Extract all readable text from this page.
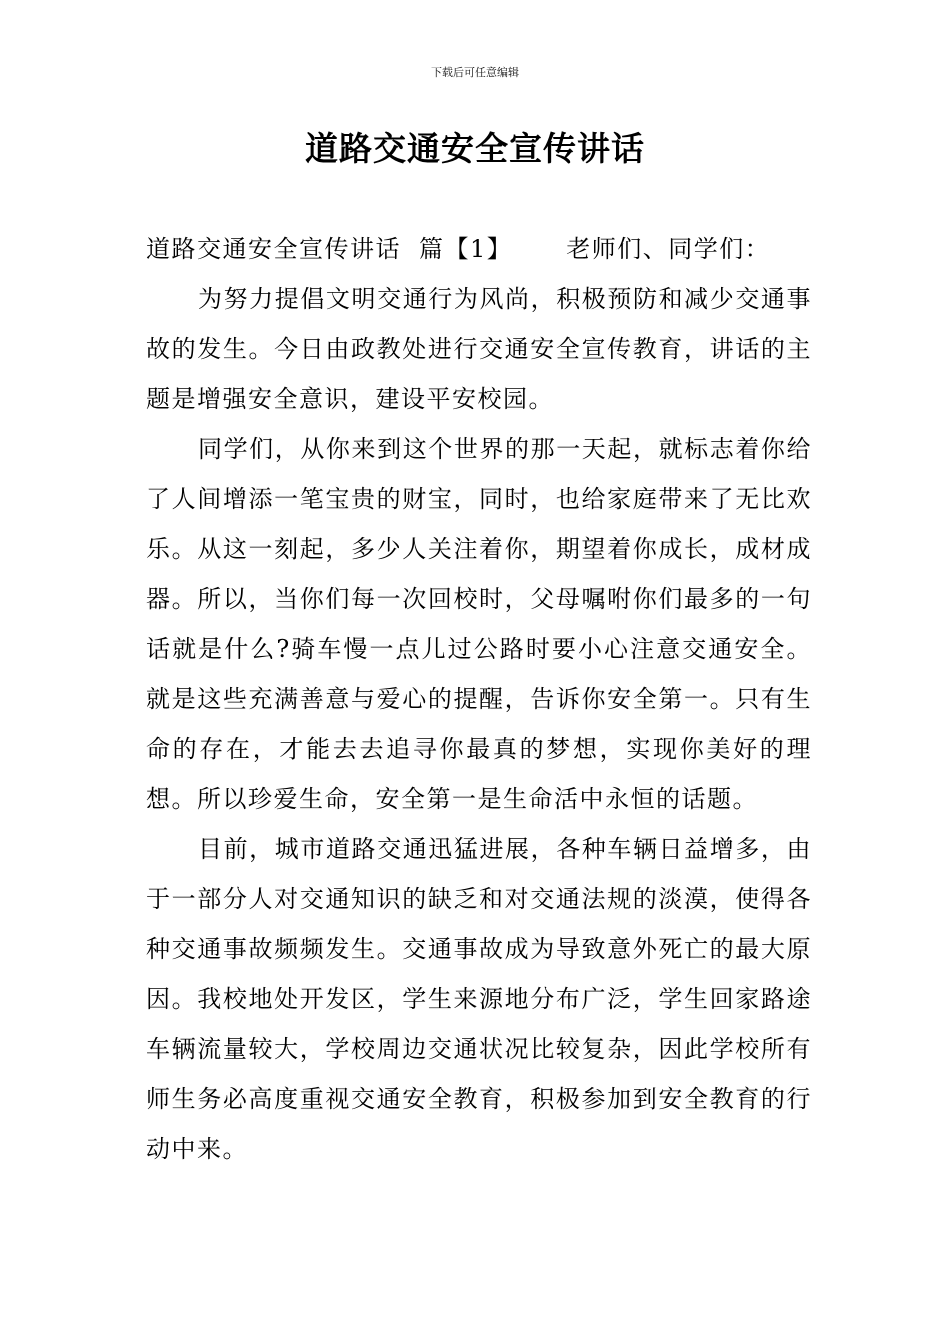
下载后可任意编辑
道路交通安全宣传讲话

道路交通安全宣传讲话 篇【1】 老师们、同学们：

为努力提倡文明交通行为风尚，积极预防和减少交通事故的发生。今日由政教处进行交通安全宣传教育，讲话的主题是增强安全意识，建设平安校园。

同学们，从你来到这个世界的那一天起，就标志着你给了人间增添一笔宝贵的财宝，同时，也给家庭带来了无比欢乐。从这一刻起，多少人关注着你，期望着你成长，成材成器。所以，当你们每一次回校时，父母嘱咐你们最多的一句话就是什么?骑车慢一点儿过公路时要小心注意交通安全。就是这些充满善意与爱心的提醒，告诉你安全第一。只有生命的存在，才能去去追寻你最真的梦想，实现你美好的理想。所以珍爱生命，安全第一是生命活中永恒的话题。

目前，城市道路交通迅猛进展，各种车辆日益增多，由于一部分人对交通知识的缺乏和对交通法规的淡漠，使得各种交通事故频频发生。交通事故成为导致意外死亡的最大原因。我校地处开发区，学生来源地分布广泛，学生回家路途车辆流量较大，学校周边交通状况比较复杂，因此学校所有师生务必高度重视交通安全教育，积极参加到安全教育的行动中来。
